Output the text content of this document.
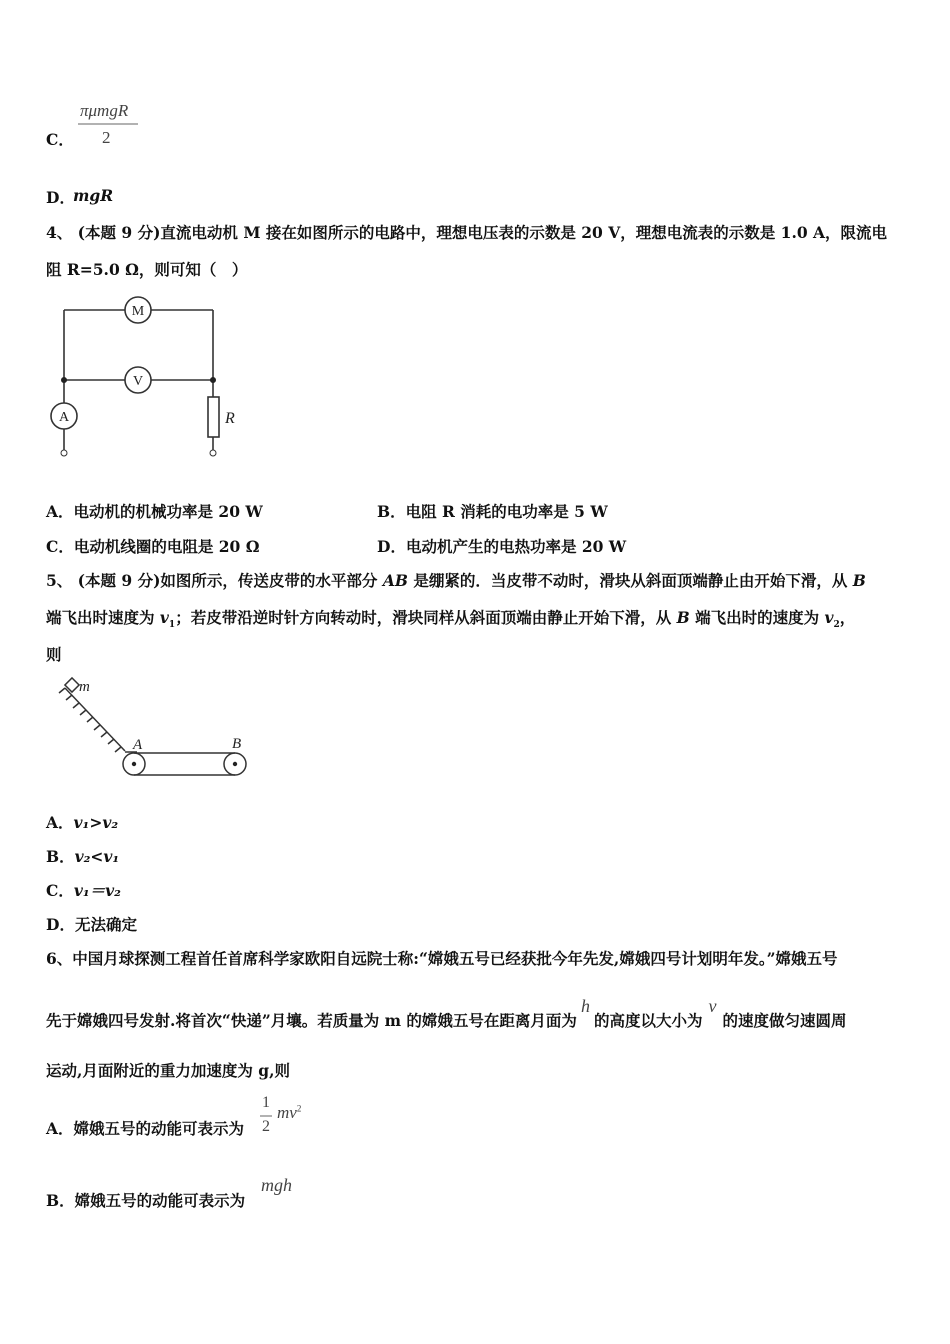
πμmgR
2
C．
D．
mgR
4、 (本题 9 分)直流电动机 M 接在如图所示的电路中，理想电压表的示数是 20 V，理想电流表的示数是 1.0 A，限流电
阻 R=5.0 Ω，则可知（　）
M
V
A	R
A．电动机的机械功率是 20 W	B．电阻 R 消耗的电功率是 5 W
C．电动机线圈的电阻是 20 Ω	D．电动机产生的电热功率是 20 W
5、 (本题 9 分)如图所示，传送皮带的水平部分 AB 是绷紧的．当皮带不动时，滑块从斜面顶端静止由开始下滑，从 B
端飞出时速度为 $v_1$；若皮带沿逆时针方向转动时，滑块同样从斜面顶端由静止开始下滑，从 B 端飞出时的速度为 $v_2$，
则
m
A	B
A．v₁>v₂
B．v₂<v₁
C．v₁＝v₂
D．无法确定
6、中国月球探测工程首任首席科学家欧阳自远院士称:“嫦娥五号已经获批今年先发,嫦娥四号计划明年发。”嫦娥五号
先于嫦娥四号发射.将首次“快递”月壤。若质量为 m 的嫦娥五号在距离月面为h的高度以大小为v的速度做匀速圆周
运动,月面附近的重力加速度为 g,则
A．嫦娥五号的动能可表示为
1
2
$mv^2$
B．嫦娥五号的动能可表示为
mgh
